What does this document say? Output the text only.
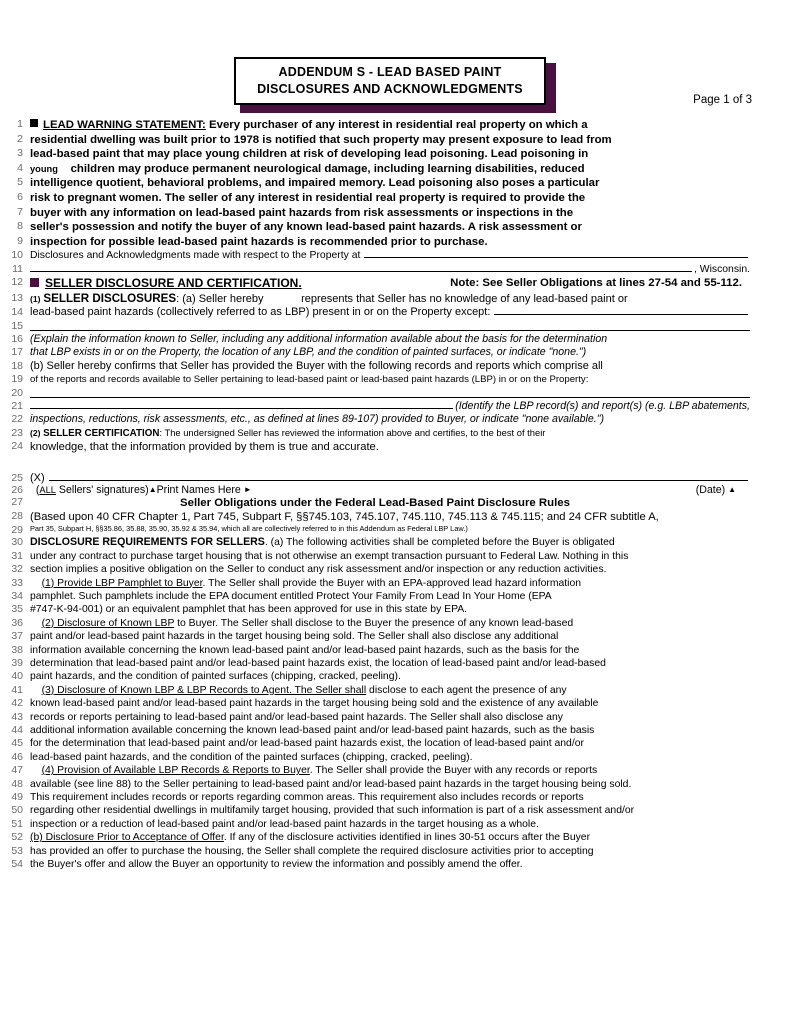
ADDENDUM S - LEAD BASED PAINT
DISCLOSURES AND ACKNOWLEDGMENTS
Page 1 of 3
1	LEAD WARNING STATEMENT: Every purchaser of any interest in residential real property on which a
2 residential dwelling was built prior to 1978 is notified that such property may present exposure to lead from
3 lead-based paint that may place young children at risk of developing lead poisoning. Lead poisoning in
4 young children may produce permanent neurological damage, including learning disabilities, reduced
5 intelligence quotient, behavioral problems, and impaired memory. Lead poisoning also poses a particular
6 risk to pregnant women. The seller of any interest in residential real property is required to provide the
7 buyer with any information on lead-based paint hazards from risk assessments or inspections in the
8 seller's possession and notify the buyer of any known lead-based paint hazards. A risk assessment or
9 inspection for possible lead-based paint hazards is recommended prior to purchase.
10 Disclosures and Acknowledgments made with respect to the Property at
11	, Wisconsin.
12	SELLER DISCLOSURE AND CERTIFICATION.	Note: See Seller Obligations at lines 27-54 and 55-112.
13 (1) SELLER DISCLOSURES: (a) Seller hereby	represents that Seller has no knowledge of any lead-based paint or
14 lead-based paint hazards (collectively referred to as LBP) present in or on the Property except:
15
16 (Explain the information known to Seller, including any additional information available about the basis for the determination
17 that LBP exists in or on the Property, the location of any LBP, and the condition of painted surfaces, or indicate "none.")
18 (b) Seller hereby confirms that Seller has provided the Buyer with the following records and reports which comprise all
19 of the reports and records available to Seller pertaining to lead-based paint or lead-based paint hazards (LBP) in or on the Property:
20
21	(Identify the LBP record(s) and report(s) (e.g. LBP abatements,
22 inspections, reductions, risk assessments, etc., as defined at lines 89-107) provided to Buyer, or indicate "none available.")
23 (2) SELLER CERTIFICATION: The undersigned Seller has reviewed the information above and certifies, to the best of their
24 knowledge, that the information provided by them is true and accurate.
25 (X)
26 (ALL Sellers' signatures)▲Print Names Here ►	(Date) ▲
27	Seller Obligations under the Federal Lead-Based Paint Disclosure Rules
28 (Based upon 40 CFR Chapter 1, Part 745, Subpart F, §§745.103, 745.107, 745.110, 745.113 & 745.115; and 24 CFR subtitle A,
29 Part 35, Subpart H, §§35.86, 35.88, 35.90, 35.92 & 35.94, which all are collectively referred to in this Addendum as Federal LBP Law.)
30 DISCLOSURE REQUIREMENTS FOR SELLERS. (a) The following activities shall be completed before the Buyer is obligated
31 under any contract to purchase target housing that is not otherwise an exempt transaction pursuant to Federal Law. Nothing in this
32 section implies a positive obligation on the Seller to conduct any risk assessment and/or inspection or any reduction activities.
33	(1) Provide LBP Pamphlet to Buyer. The Seller shall provide the Buyer with an EPA-approved lead hazard information
34 pamphlet. Such pamphlets include the EPA document entitled Protect Your Family From Lead In Your Home (EPA
35 #747-K-94-001) or an equivalent pamphlet that has been approved for use in this state by EPA.
36	(2) Disclosure of Known LBP to Buyer. The Seller shall disclose to the Buyer the presence of any known lead-based
37 paint and/or lead-based paint hazards in the target housing being sold. The Seller shall also disclose any additional
38 information available concerning the known lead-based paint and/or lead-based paint hazards, such as the basis for the
39 determination that lead-based paint and/or lead-based paint hazards exist, the location of lead-based paint and/or lead-based
40 paint hazards, and the condition of painted surfaces (chipping, cracked, peeling).
41	(3) Disclosure of Known LBP & LBP Records to Agent. The Seller shall disclose to each agent the presence of any
42 known lead-based paint and/or lead-based paint hazards in the target housing being sold and the existence of any available
43 records or reports pertaining to lead-based paint and/or lead-based paint hazards. The Seller shall also disclose any
44 additional information available concerning the known lead-based paint and/or lead-based paint hazards, such as the basis
45 for the determination that lead-based paint and/or lead-based paint hazards exist, the location of lead-based paint and/or
46 lead-based paint hazards, and the condition of the painted surfaces (chipping, cracked, peeling).
47	(4) Provision of Available LBP Records & Reports to Buyer. The Seller shall provide the Buyer with any records or reports
48 available (see line 88) to the Seller pertaining to lead-based paint and/or lead-based paint hazards in the target housing being sold.
49 This requirement includes records or reports regarding common areas. This requirement also includes records or reports
50 regarding other residential dwellings in multifamily target housing, provided that such information is part of a risk assessment and/or
51 inspection or a reduction of lead-based paint and/or lead-based paint hazards in the target housing as a whole.
52 (b) Disclosure Prior to Acceptance of Offer. If any of the disclosure activities identified in lines 30-51 occurs after the Buyer
53 has provided an offer to purchase the housing, the Seller shall complete the required disclosure activities prior to accepting
54 the Buyer's offer and allow the Buyer an opportunity to review the information and possibly amend the offer.
